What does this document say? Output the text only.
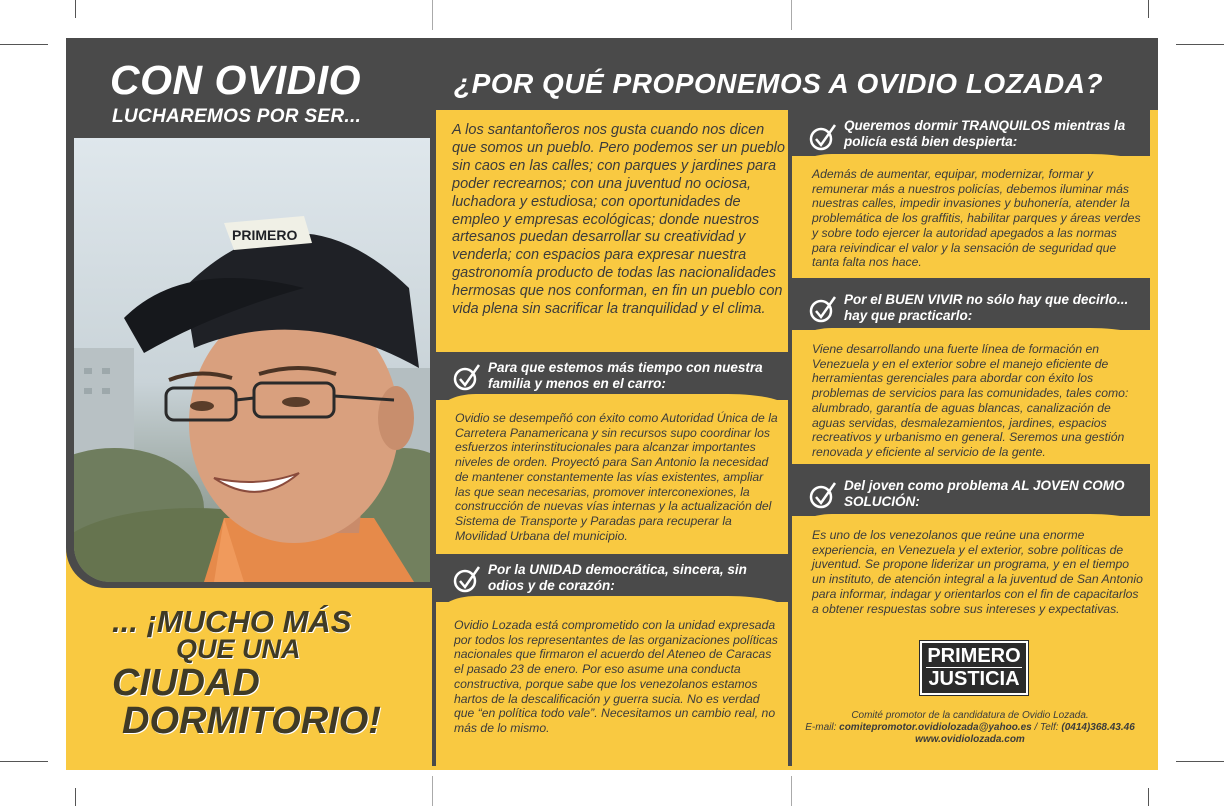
CON OVIDIO
LUCHAREMOS POR SER...
PRIMERO
... ¡MUCHO MÁS
QUE UNA
CIUDAD
DORMITORIO!
¿POR QUÉ PROPONEMOS A OVIDIO LOZADA?
A los santantoñeros nos gusta cuando nos dicen que somos un pueblo. Pero podemos ser un pueblo sin caos en las calles; con parques y jardines para poder recrearnos; con una juventud no ociosa, luchadora y estudiosa; con oportunidades de empleo y empresas ecológicas; donde nuestros artesanos puedan desarrollar su creatividad y venderla; con espacios para expresar nuestra gastronomía producto de todas las nacionalidades hermosas que nos conforman, en fin un pueblo con vida plena sin sacrificar la tranquilidad y el clima.
Para que estemos más tiempo con nuestra familia y menos en el carro:
Ovidio se desempeñó con éxito como Autoridad Única de la Carretera Panamericana y sin recursos supo coordinar los esfuerzos interinstitucionales para alcanzar importantes niveles de orden. Proyectó para San Antonio la necesidad de mantener constantemente las vías existentes, ampliar las que sean necesarias, promover interconexiones, la construcción de nuevas vías internas y la actualización del Sistema de Transporte y Paradas para recuperar la Movilidad Urbana del municipio.
Por la UNIDAD democrática, sincera, sin odios y de corazón:
Ovidio Lozada está comprometido con la unidad expresada por todos los representantes de las organizaciones políticas nacionales que firmaron el acuerdo del Ateneo de Caracas el pasado 23 de enero. Por eso asume una conducta constructiva, porque sabe que los venezolanos estamos hartos de la descalificación y guerra sucia. No es verdad que “en política todo vale”. Necesitamos un cambio real, no más de lo mismo.
Queremos dormir TRANQUILOS mientras la policía está bien despierta:
Además de aumentar, equipar, modernizar, formar y remunerar más a nuestros policías, debemos iluminar más nuestras calles, impedir invasiones y buhonería, atender la problemática de los graffitis, habilitar parques y áreas verdes y sobre todo ejercer la autoridad apegados a las normas para reivindicar el valor y la sensación de seguridad que tanta falta nos hace.
Por el BUEN VIVIR no sólo hay que decirlo... hay que practicarlo:
Viene desarrollando una fuerte línea de formación en Venezuela y en el exterior sobre el manejo eficiente de herramientas gerenciales para abordar con éxito los problemas de servicios para las comunidades, tales como: alumbrado, garantía de aguas blancas, canalización de aguas servidas, desmalezamientos, jardines, espacios recreativos y urbanismo en general. Seremos una gestión renovada y eficiente al servicio de la gente.
Del joven como problema AL JOVEN COMO SOLUCIÓN:
Es uno de los venezolanos que reúne una enorme experiencia, en Venezuela y el exterior, sobre políticas de juventud. Se propone liderizar un programa, y en el tiempo un instituto, de atención integral a la juventud de San Antonio para informar, indagar y orientarlos con el fin de capacitarlos a obtener respuestas sobre sus intereses y expectativas.
PRIMERO
JUSTICIA
Comité promotor de la candidatura de Ovidio Lozada.
E-mail: comitepromotor.ovidiolozada@yahoo.es / Telf: (0414)368.43.46
www.ovidiolozada.com
